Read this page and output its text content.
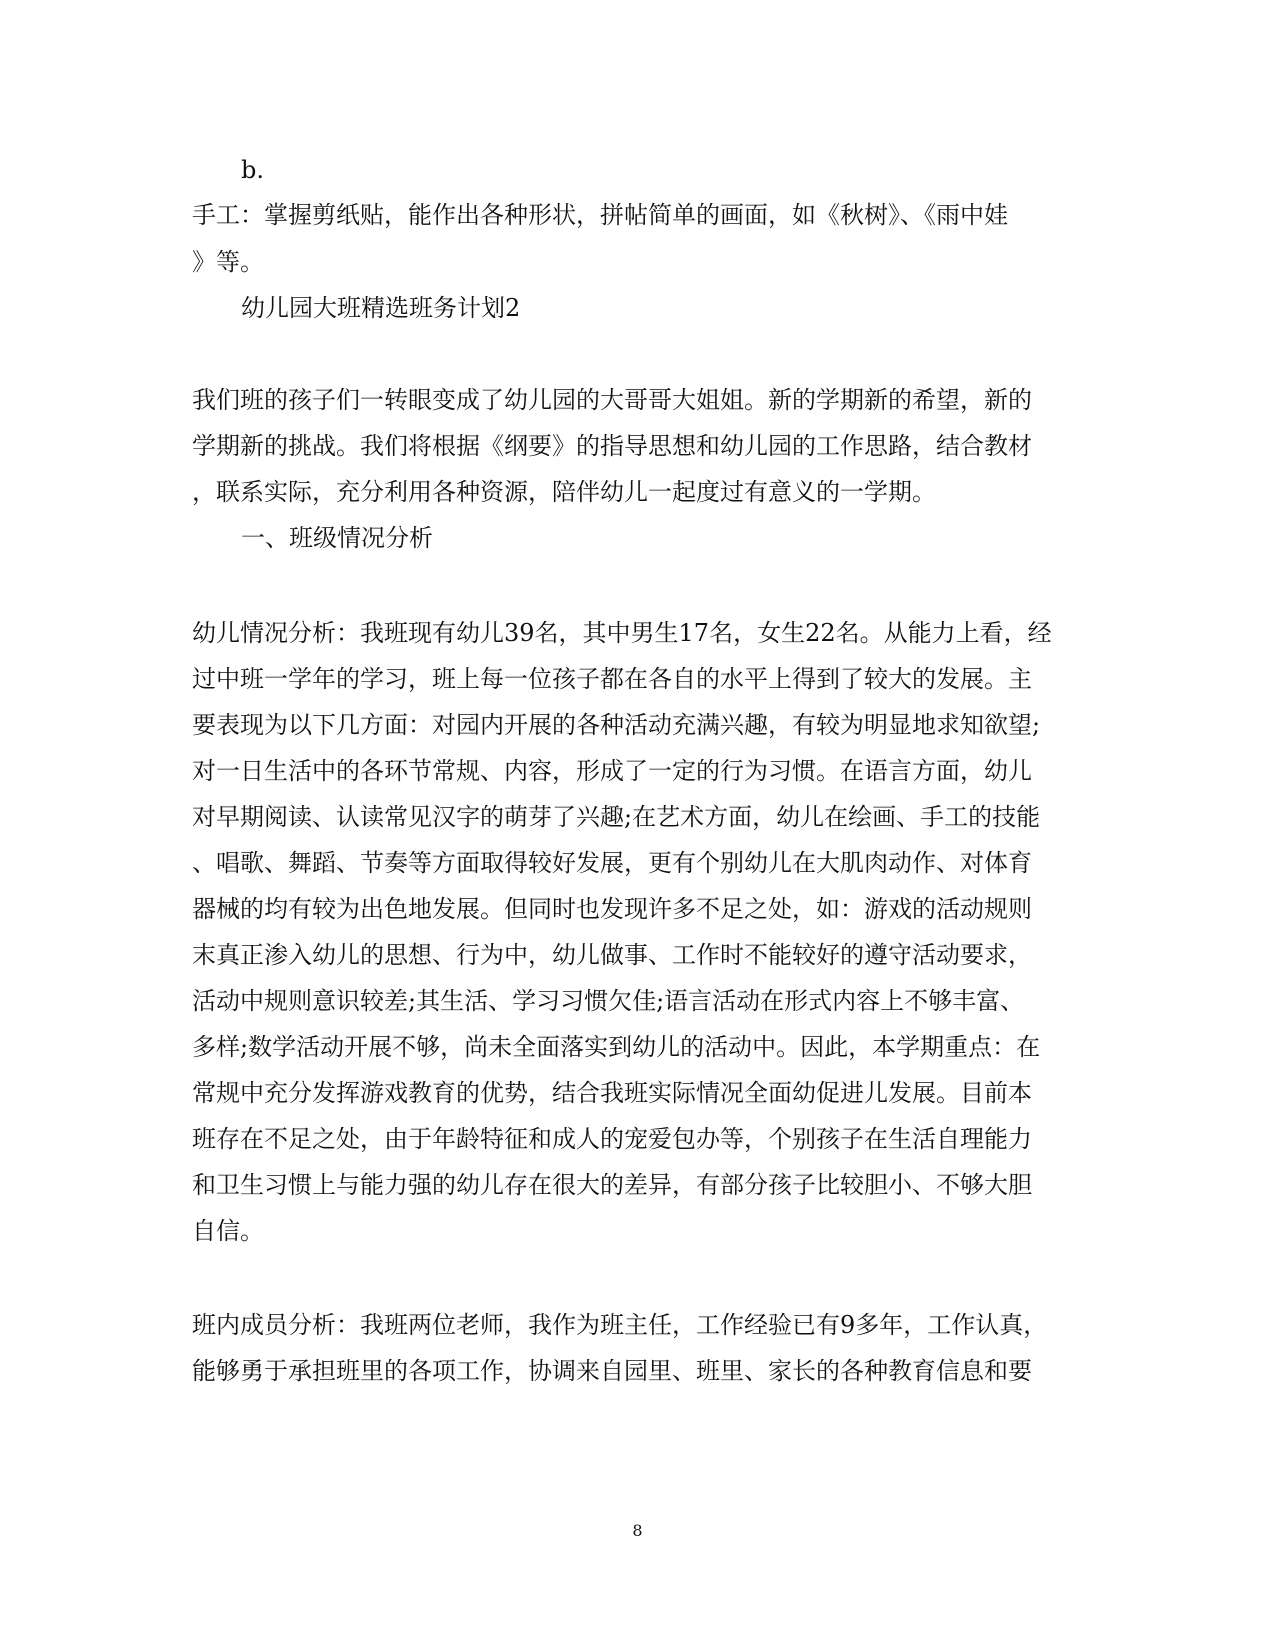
b.
手工：掌握剪纸贴，能作出各种形状，拼帖简单的画面，如《秋树》、《雨中娃
》等。
幼儿园大班精选班务计划2
我们班的孩子们一转眼变成了幼儿园的大哥哥大姐姐。新的学期新的希望，新的
学期新的挑战。我们将根据《纲要》的指导思想和幼儿园的工作思路，结合教材
，联系实际，充分利用各种资源，陪伴幼儿一起度过有意义的一学期。
一、班级情况分析
幼儿情况分析：我班现有幼儿39名，其中男生17名，女生22名。从能力上看，经
过中班一学年的学习，班上每一位孩子都在各自的水平上得到了较大的发展。主
要表现为以下几方面：对园内开展的各种活动充满兴趣，有较为明显地求知欲望;
对一日生活中的各环节常规、内容，形成了一定的行为习惯。在语言方面，幼儿
对早期阅读、认读常见汉字的萌芽了兴趣;在艺术方面，幼儿在绘画、手工的技能
、唱歌、舞蹈、节奏等方面取得较好发展，更有个别幼儿在大肌肉动作、对体育
器械的均有较为出色地发展。但同时也发现许多不足之处，如：游戏的活动规则
末真正渗入幼儿的思想、行为中，幼儿做事、工作时不能较好的遵守活动要求，
活动中规则意识较差;其生活、学习习惯欠佳;语言活动在形式内容上不够丰富、
多样;数学活动开展不够，尚未全面落实到幼儿的活动中。因此，本学期重点：在
常规中充分发挥游戏教育的优势，结合我班实际情况全面幼促进儿发展。目前本
班存在不足之处，由于年龄特征和成人的宠爱包办等，个别孩子在生活自理能力
和卫生习惯上与能力强的幼儿存在很大的差异，有部分孩子比较胆小、不够大胆
自信。
班内成员分析：我班两位老师，我作为班主任，工作经验已有9多年，工作认真，
能够勇于承担班里的各项工作，协调来自园里、班里、家长的各种教育信息和要
8
